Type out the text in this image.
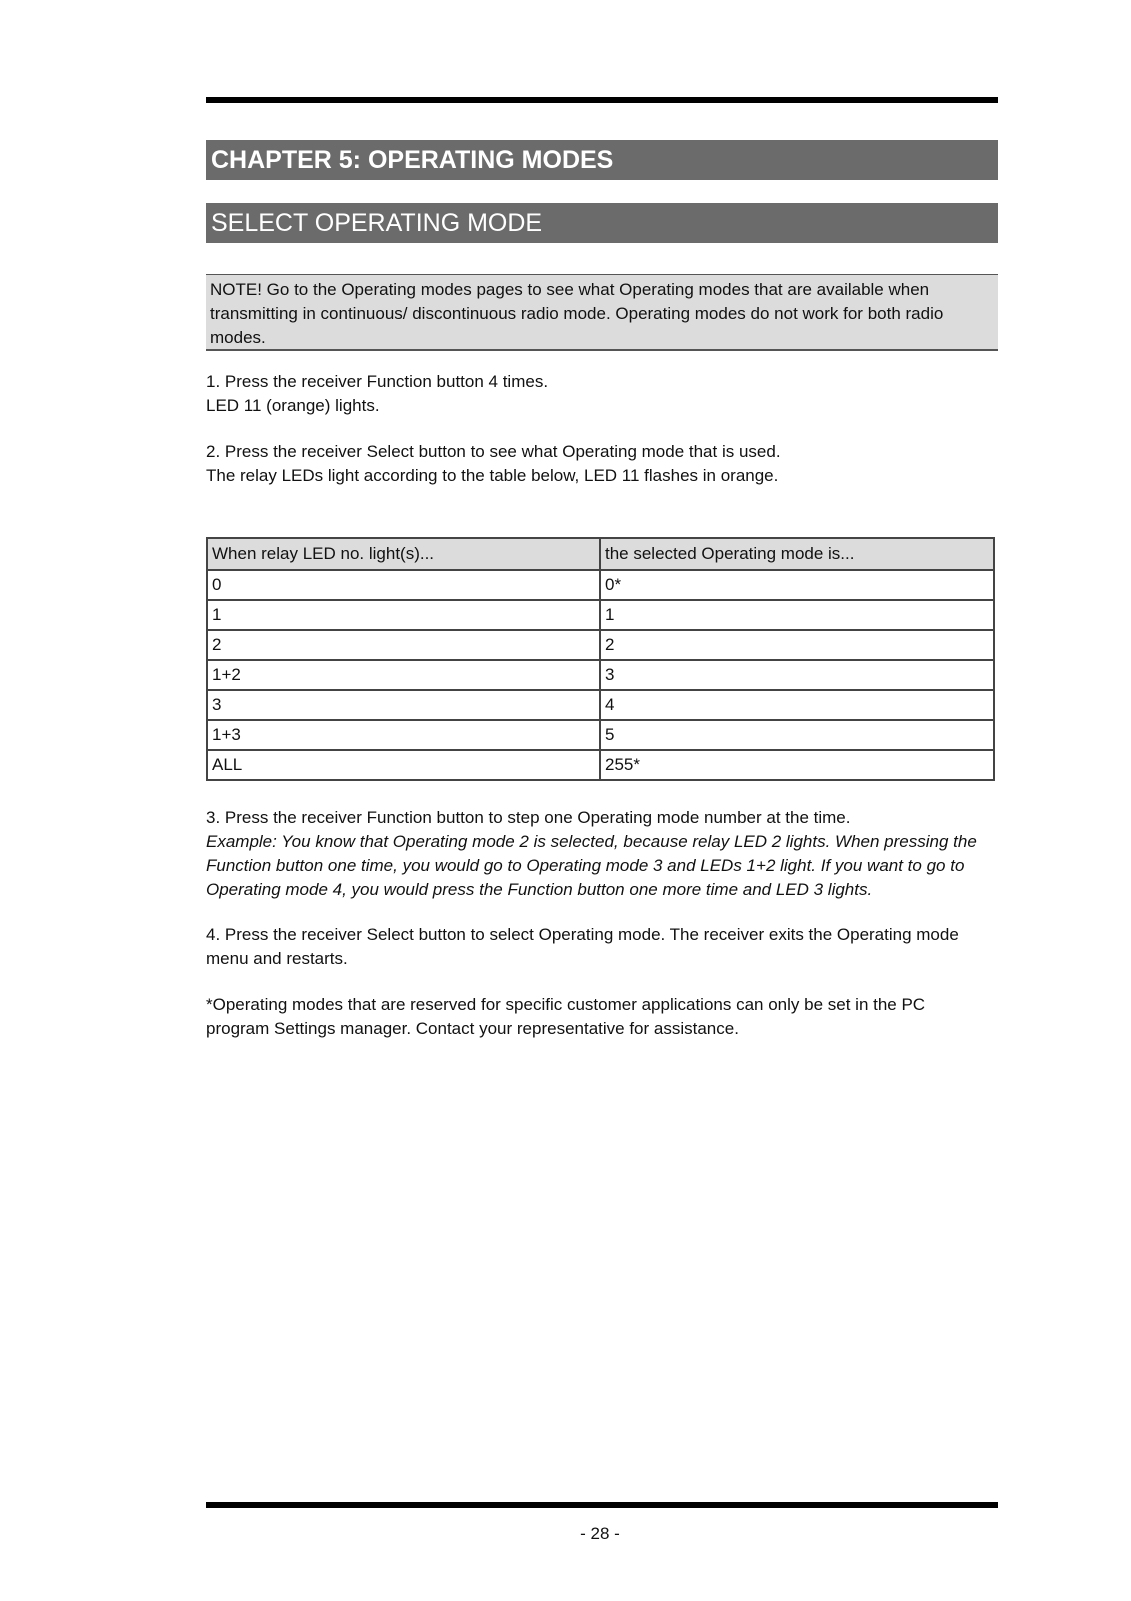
CHAPTER 5: OPERATING MODES
SELECT OPERATING MODE
NOTE! Go to the Operating modes pages to see what Operating modes that are available when
transmitting in continuous/ discontinuous radio mode. Operating modes do not work for both radio
modes.
1. Press the receiver Function button 4 times.
LED 11 (orange) lights.
2. Press the receiver Select button to see what Operating mode that is used.
The relay LEDs light according to the table below, LED 11 flashes in orange.
When relay LED no. light(s)...	the selected Operating mode is...
0	0*
1	1
2	2
1+2	3
3	4
1+3	5
ALL	255*
3. Press the receiver Function button to step one Operating mode number at the time.
Example: You know that Operating mode 2 is selected, because relay LED 2 lights. When pressing the
Function button one time, you would go to Operating mode 3 and LEDs 1+2 light. If you want to go to
Operating mode 4, you would press the Function button one more time and LED 3 lights.
4. Press the receiver Select button to select Operating mode. The receiver exits the Operating mode
menu and restarts.
*Operating modes that are reserved for specific customer applications can only be set in the PC
program Settings manager. Contact your representative for assistance.
- 28 -
